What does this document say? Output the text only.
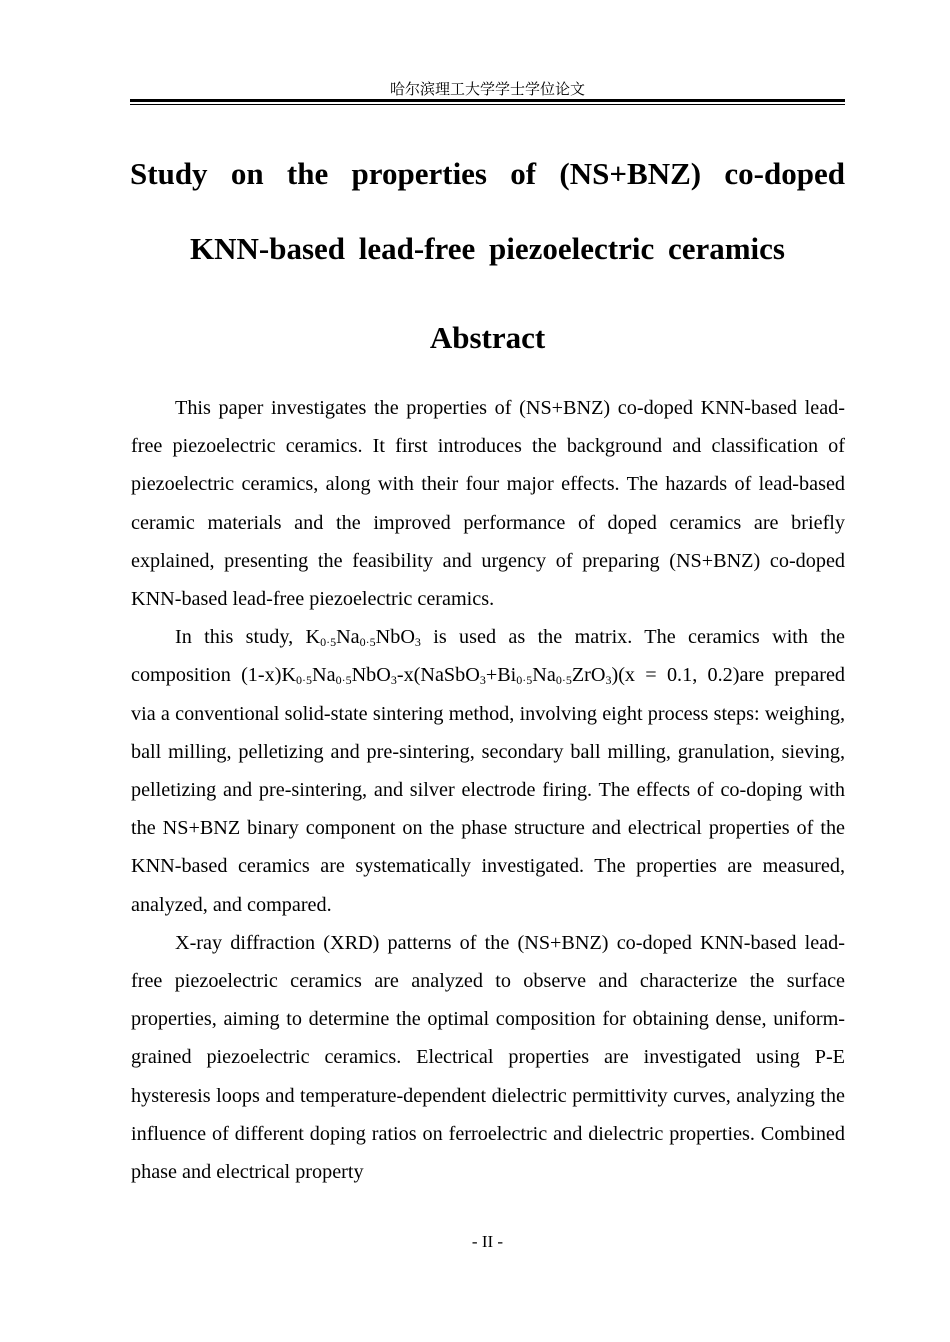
哈尔滨理工大学学士学位论文
Study on the properties of (NS+BNZ) co-doped
KNN-based lead-free piezoelectric ceramics
Abstract

This paper investigates the properties of (NS+BNZ) co-doped KNN-based lead-free piezoelectric ceramics. It first introduces the background and classification of piezoelectric ceramics, along with their four major effects. The hazards of lead-based ceramic materials and the improved performance of doped ceramics are briefly explained, presenting the feasibility and urgency of preparing (NS+BNZ) co-doped KNN-based lead-free piezoelectric ceramics.

In this study, $K_{0\cdot 5}Na_{0\cdot 5}NbO_3$ is used as the matrix. The ceramics with the composition $(1-x)K_{0\cdot 5}Na_{0\cdot 5}NbO_3-x(NaSbO_3+Bi_{0\cdot 5}Na_{0\cdot 5}ZrO_3)(x = 0.1$, 0.2)are prepared via a conventional solid-state sintering method, involving eight process steps: weighing, ball milling, pelletizing and pre-sintering, secondary ball milling, granulation, sieving, pelletizing and pre-sintering, and silver electrode firing. The effects of co-doping with the NS+BNZ binary component on the phase structure and electrical properties of the KNN-based ceramics are systematically investigated. The properties are measured, analyzed, and compared.

X-ray diffraction (XRD) patterns of the (NS+BNZ) co-doped KNN-based lead-free piezoelectric ceramics are analyzed to observe and characterize the surface properties, aiming to determine the optimal composition for obtaining dense, uniform-grained piezoelectric ceramics. Electrical properties are investigated using P-E hysteresis loops and temperature-dependent dielectric permittivity curves, analyzing the influence of different doping ratios on ferroelectric and dielectric properties. Combined phase and electrical property

- II -
